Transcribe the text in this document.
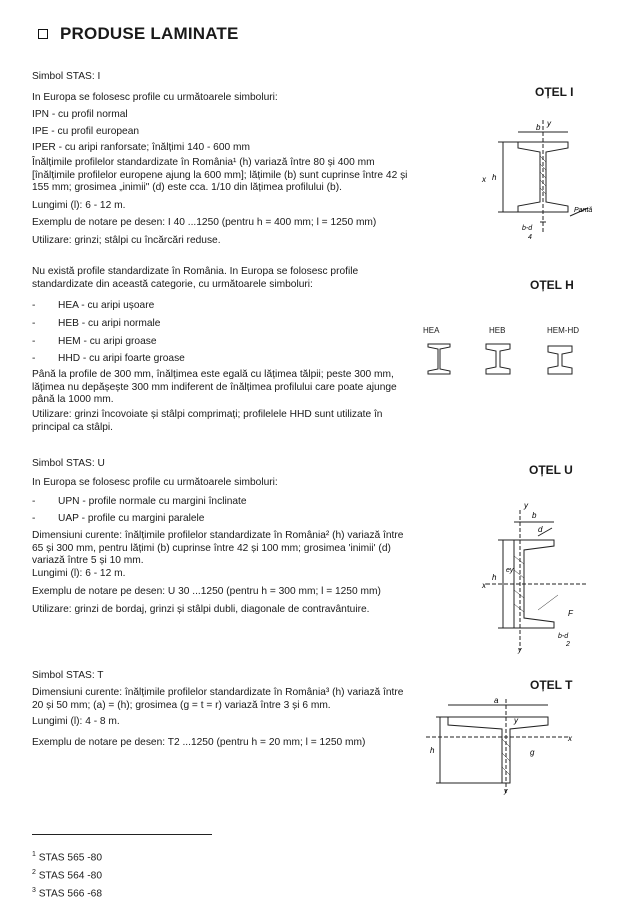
PRODUSE LAMINATE
Simbol STAS: I
In Europa se folosesc profile cu următoarele simboluri:
IPN - cu profil normal
IPE - cu profil european
IPER - cu aripi ranforsate; înălțimi 140 - 600 mm
Înălțimile profilelor standardizate în România¹ (h) variază între 80 și 400 mm [înălțimile profilelor europene ajung la 600 mm]; lățimile (b) sunt cuprinse între 42 și 155 mm; grosimea „inimii" (d) este cca. 1/10 din lățimea profilului (b).
Lungimi (l): 6 - 12 m.
Exemplu de notare pe desen: I 40 ...1250 (pentru h = 400 mm; l = 1250 mm)
Utilizare: grinzi; stâlpi cu încărcări reduse.
OȚEL I
b y
h
x
Pantă
b-d
4
Nu există profile standardizate în România. In Europa se folosesc profile standardizate din această categorie, cu următoarele simboluri:
- HEA - cu aripi ușoare
- HEB - cu aripi normale
- HEM - cu aripi groase
- HHD - cu aripi foarte groase
Până la profile de 300 mm, înălțimea este egală cu lățimea tălpii; peste 300 mm, lățimea nu depășește 300 mm indiferent de înălțimea profilului care poate ajunge până la 1000 mm.
Utilizare: grinzi încovoiate și stâlpi comprimați; profilelele HHD sunt utilizate în principal ca stâlpi.
OȚEL H
HEA	HEB	HEM-HD
Simbol STAS: U
In Europa se folosesc profile cu următoarele simboluri:
- UPN - profile normale cu margini înclinate
- UAP - profile cu margini paralele
Dimensiuni curente: înălțimile profilelor standardizate în România² (h) variază între 65 și 300 mm, pentru lățimi (b) cuprinse între 42 și 100 mm; grosimea 'inimii' (d) variază între 5 și 10 mm.
Lungimi (l): 6 - 12 m.
Exemplu de notare pe desen: U 30 ...1250 (pentru h = 300 mm; l = 1250 mm)
Utilizare: grinzi de bordaj, grinzi și stâlpi dubli, diagonale de contravântuire.
OȚEL U
b
y
d
h
x
ey
F
b-d
2
y
Simbol STAS: T
Dimensiuni curente: înălțimile profilelor standardizate în România³ (h) variază între 20 și 50 mm; (a) = (h); grosimea (g = t = r) variază între 3 și 6 mm.
Lungimi (l): 4 - 8 m.
Exemplu de notare pe desen: T2 ...1250 (pentru h = 20 mm; l = 1250 mm)
OȚEL T
a
h
x
y
g
y
$^1$ STAS 565 -80
$^2$ STAS 564 -80
$^3$ STAS 566 -68
